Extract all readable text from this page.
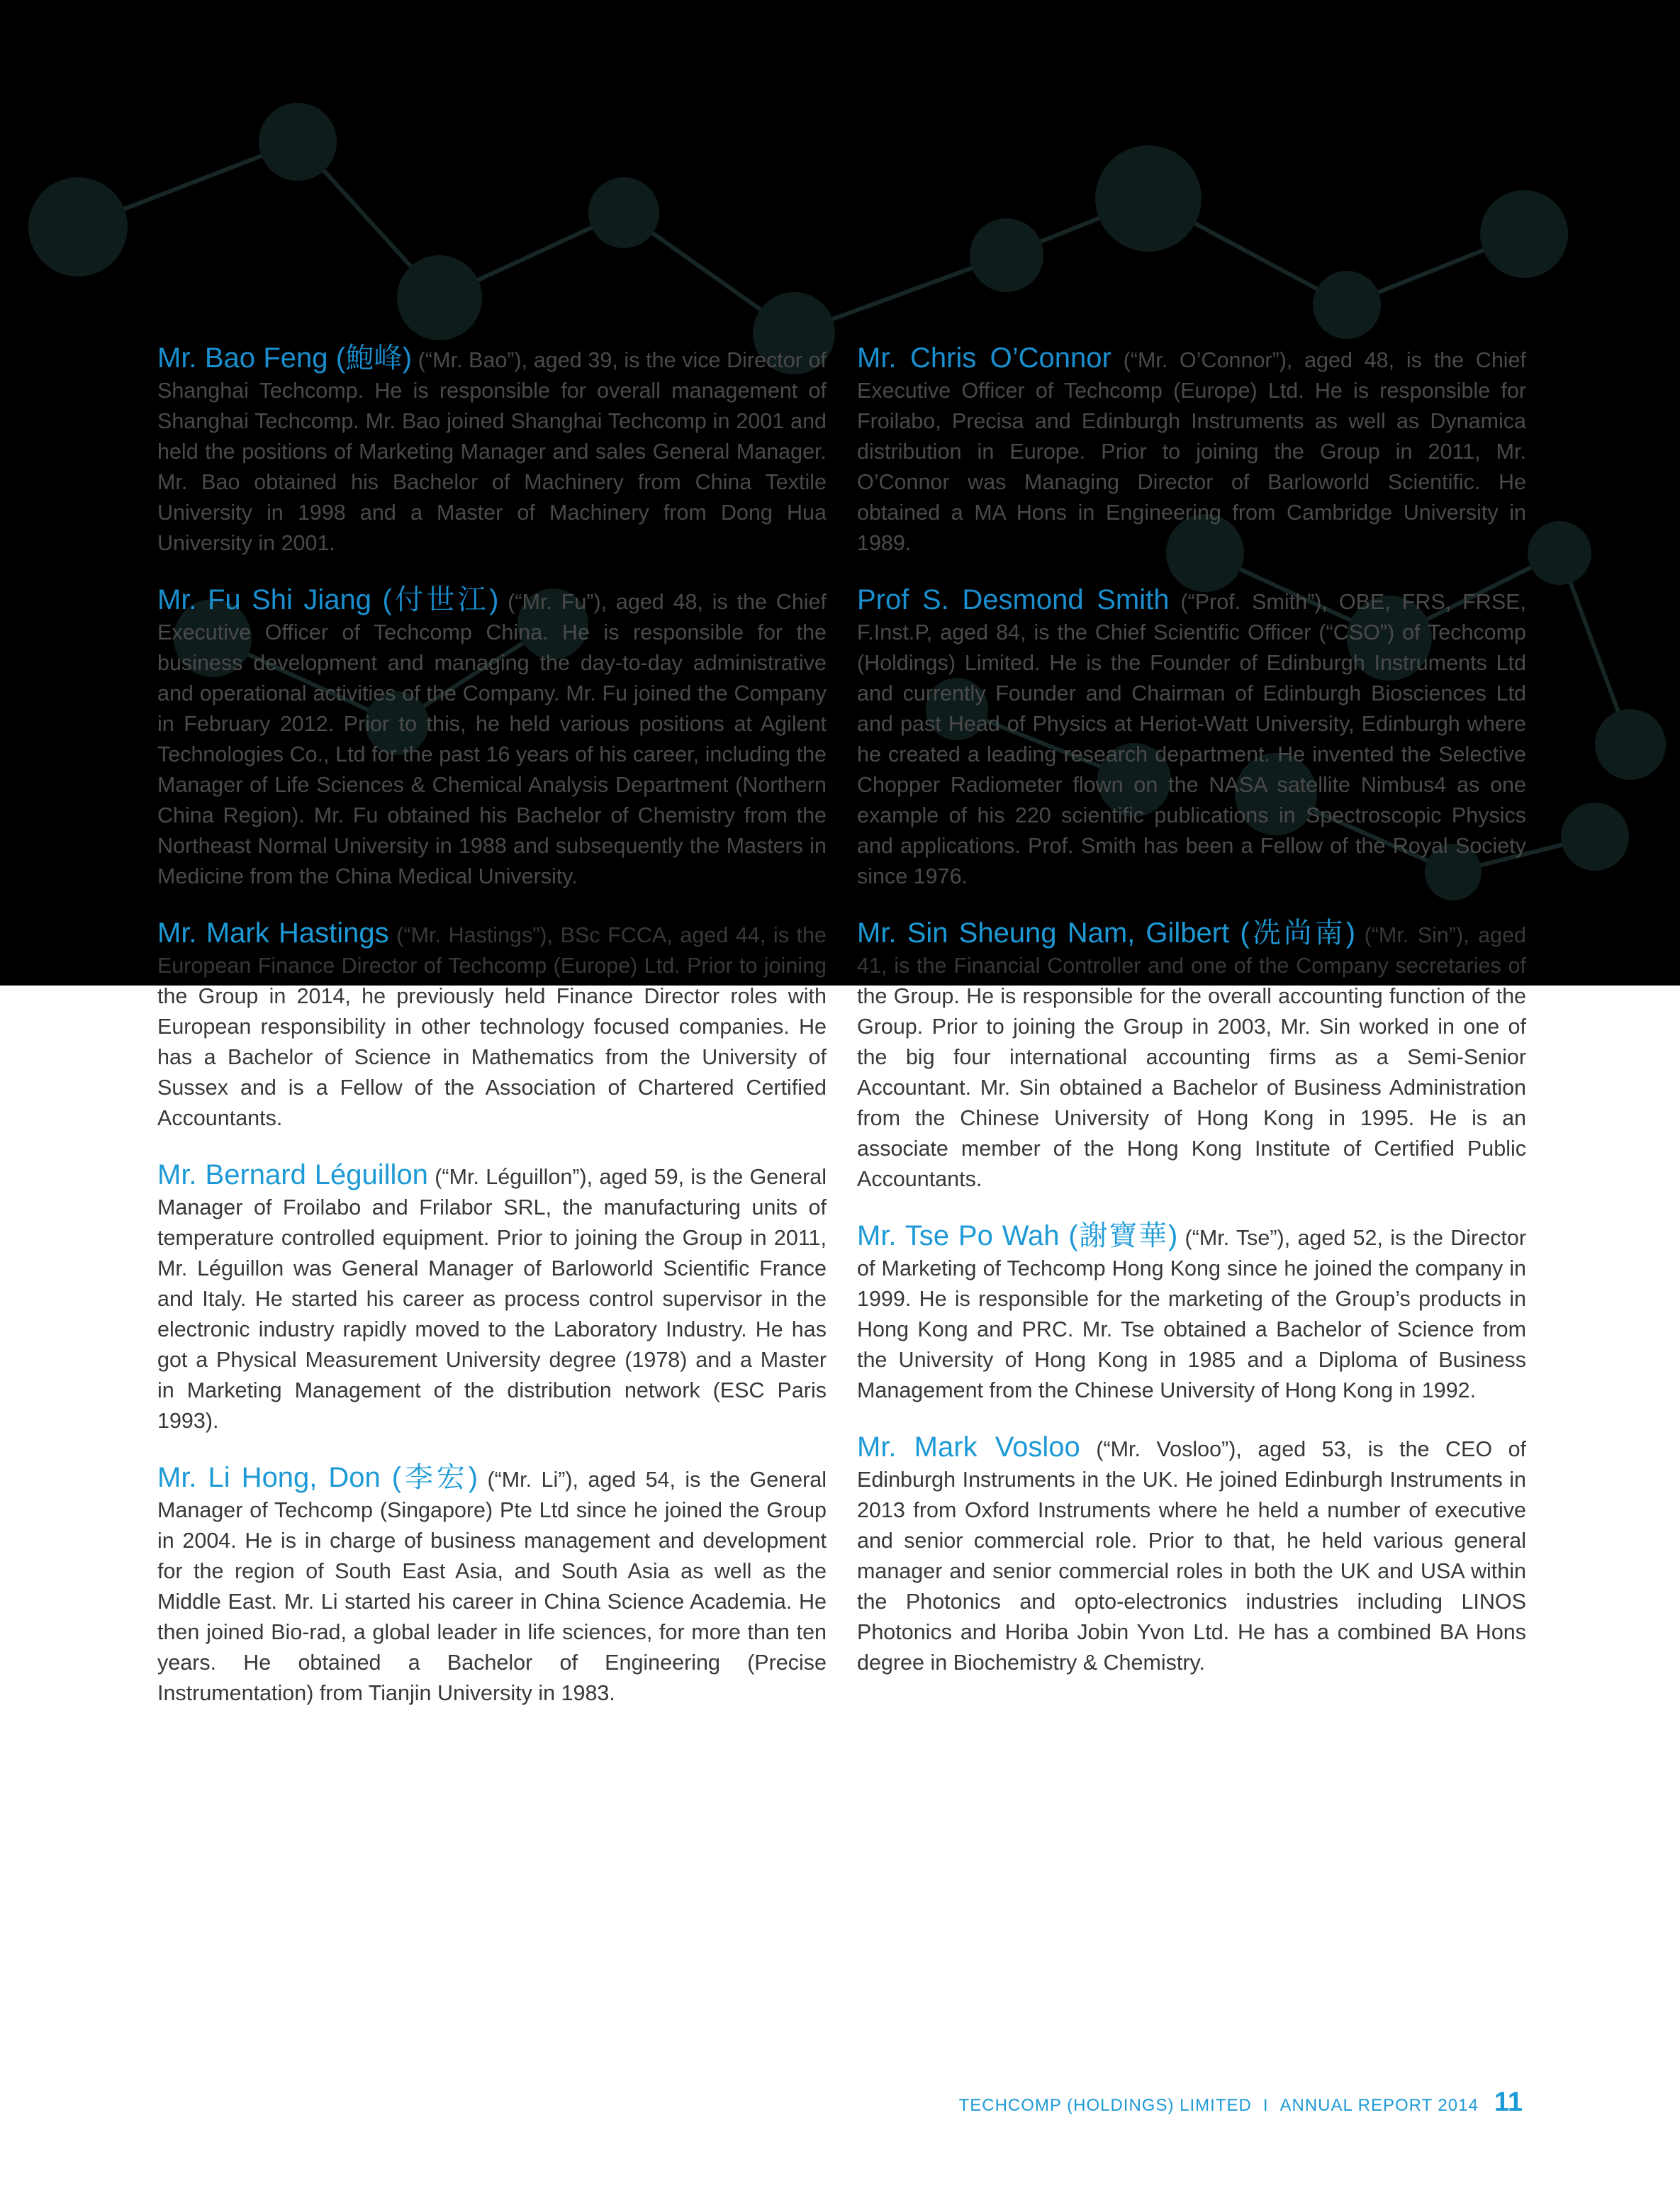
Mr. Bao Feng (鮑峰) (“Mr. Bao”), aged 39, is the vice Director of Shanghai Techcomp. He is responsible for overall management of Shanghai Techcomp. Mr. Bao joined Shanghai Techcomp in 2001 and held the positions of Marketing Manager and sales General Manager. Mr. Bao obtained his Bachelor of Machinery from China Textile University in 1998 and a Master of Machinery from Dong Hua University in 2001.

Mr. Fu Shi Jiang (付世江) (“Mr. Fu”), aged 48, is the Chief Executive Officer of Techcomp China. He is responsible for the business development and managing the day-to-day administrative and operational activities of the Company. Mr. Fu joined the Company in February 2012. Prior to this, he held various positions at Agilent Technologies Co., Ltd for the past 16 years of his career, including the Manager of Life Sciences & Chemical Analysis Department (Northern China Region). Mr. Fu obtained his Bachelor of Chemistry from the Northeast Normal University in 1988 and subsequently the Masters in Medicine from the China Medical University.

Mr. Mark Hastings (“Mr. Hastings”), BSc FCCA, aged 44, is the European Finance Director of Techcomp (Europe) Ltd. Prior to joining the Group in 2014, he previously held Finance Director roles with European responsibility in other technology focused companies. He has a Bachelor of Science in Mathematics from the University of Sussex and is a Fellow of the Association of Chartered Certified Accountants.

Mr. Bernard Léguillon (“Mr. Léguillon”), aged 59, is the General Manager of Froilabo and Frilabor SRL, the manufacturing units of temperature controlled equipment. Prior to joining the Group in 2011, Mr. Léguillon was General Manager of Barloworld Scientific France and Italy. He started his career as process control supervisor in the electronic industry rapidly moved to the Laboratory Industry. He has got a Physical Measurement University degree (1978) and a Master in Marketing Management of the distribution network (ESC Paris 1993).

Mr. Li Hong, Don (李宏) (“Mr. Li”), aged 54, is the General Manager of Techcomp (Singapore) Pte Ltd since he joined the Group in 2004. He is in charge of business management and development for the region of South East Asia, and South Asia as well as the Middle East. Mr. Li started his career in China Science Academia. He then joined Bio-rad, a global leader in life sciences, for more than ten years. He obtained a Bachelor of Engineering (Precise Instrumentation) from Tianjin University in 1983.

Mr. Chris O’Connor (“Mr. O’Connor”), aged 48, is the Chief Executive Officer of Techcomp (Europe) Ltd. He is responsible for Froilabo, Precisa and Edinburgh Instruments as well as Dynamica distribution in Europe. Prior to joining the Group in 2011, Mr. O’Connor was Managing Director of Barloworld Scientific. He obtained a MA Hons in Engineering from Cambridge University in 1989.

Prof S. Desmond Smith (“Prof. Smith”), OBE, FRS, FRSE, F.Inst.P, aged 84, is the Chief Scientific Officer (“CSO”) of Techcomp (Holdings) Limited. He is the Founder of Edinburgh Instruments Ltd and currently Founder and Chairman of Edinburgh Biosciences Ltd and past Head of Physics at Heriot-Watt University, Edinburgh where he created a leading research department. He invented the Selective Chopper Radiometer flown on the NASA satellite Nimbus4 as one example of his 220 scientific publications in Spectroscopic Physics and applications. Prof. Smith has been a Fellow of the Royal Society since 1976.

Mr. Sin Sheung Nam, Gilbert (冼尚南) (“Mr. Sin”), aged 41, is the Financial Controller and one of the Company secretaries of the Group. He is responsible for the overall accounting function of the Group. Prior to joining the Group in 2003, Mr. Sin worked in one of the big four international accounting firms as a Semi-Senior Accountant. Mr. Sin obtained a Bachelor of Business Administration from the Chinese University of Hong Kong in 1995. He is an associate member of the Hong Kong Institute of Certified Public Accountants.

Mr. Tse Po Wah (謝寶華) (“Mr. Tse”), aged 52, is the Director of Marketing of Techcomp Hong Kong since he joined the company in 1999. He is responsible for the marketing of the Group’s products in Hong Kong and PRC. Mr. Tse obtained a Bachelor of Science from the University of Hong Kong in 1985 and a Diploma of Business Management from the Chinese University of Hong Kong in 1992.

Mr. Mark Vosloo (“Mr. Vosloo”), aged 53, is the CEO of Edinburgh Instruments in the UK. He joined Edinburgh Instruments in 2013 from Oxford Instruments where he held a number of executive and senior commercial role. Prior to that, he held various general manager and senior commercial roles in both the UK and USA within the Photonics and opto-electronics industries including LINOS Photonics and Horiba Jobin Yvon Ltd. He has a combined BA Hons degree in Biochemistry & Chemistry.

TECHCOMP (HOLDINGS) LIMITED I ANNUAL REPORT 2014 11
